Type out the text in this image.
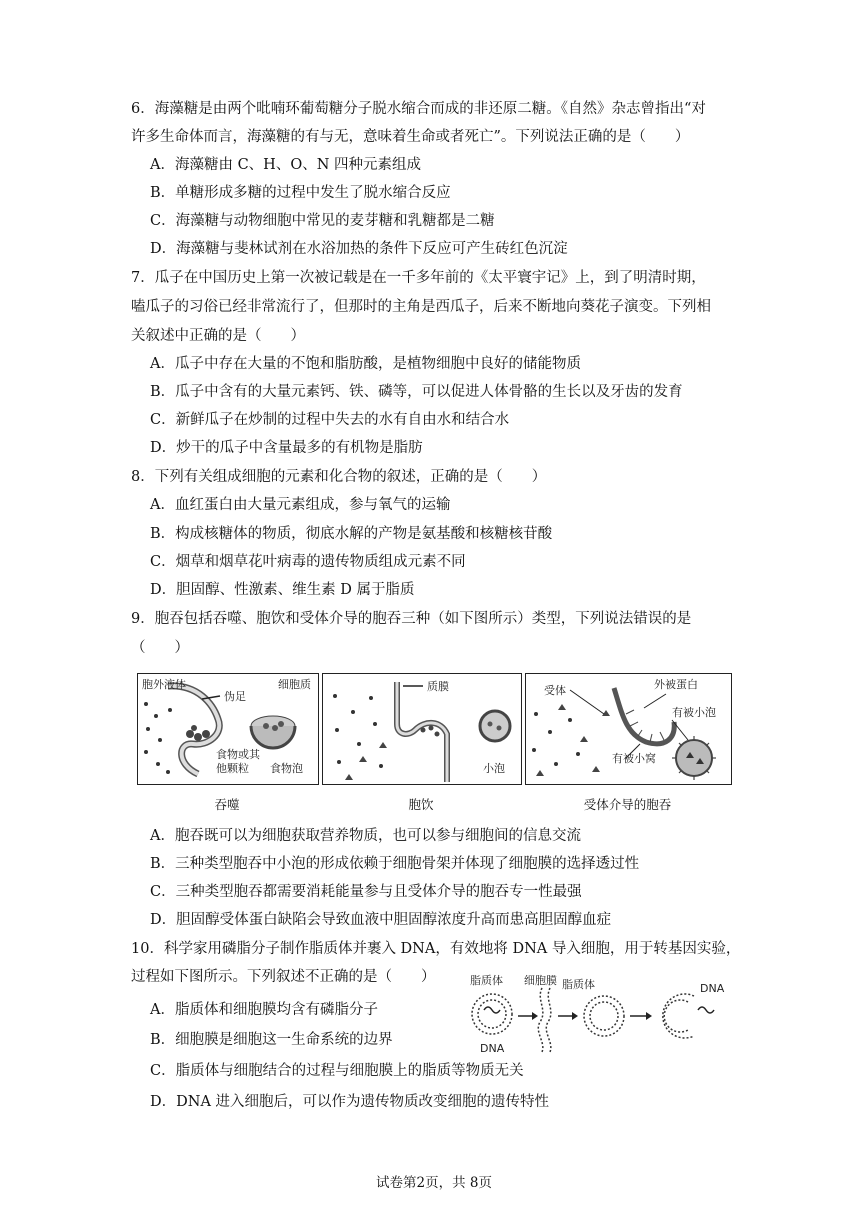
6．海藻糖是由两个吡喃环葡萄糖分子脱水缩合而成的非还原二糖。《自然》杂志曾指出“对
许多生命体而言，海藻糖的有与无，意味着生命或者死亡”。下列说法正确的是（　　）
A．海藻糖由 C、H、O、N 四种元素组成
B．单糖形成多糖的过程中发生了脱水缩合反应
C．海藻糖与动物细胞中常见的麦芽糖和乳糖都是二糖
D．海藻糖与斐林试剂在水浴加热的条件下反应可产生砖红色沉淀
7．瓜子在中国历史上第一次被记载是在一千多年前的《太平寰宇记》上，到了明清时期，
嗑瓜子的习俗已经非常流行了，但那时的主角是西瓜子，后来不断地向葵花子演变。下列相
关叙述中正确的是（　　）
A．瓜子中存在大量的不饱和脂肪酸，是植物细胞中良好的储能物质
B．瓜子中含有的大量元素钙、铁、磷等，可以促进人体骨骼的生长以及牙齿的发育
C．新鲜瓜子在炒制的过程中失去的水有自由水和结合水
D．炒干的瓜子中含量最多的有机物是脂肪
8．下列有关组成细胞的元素和化合物的叙述，正确的是（　　）
A．血红蛋白由大量元素组成，参与氧气的运输
B．构成核糖体的物质，彻底水解的产物是氨基酸和核糖核苷酸
C．烟草和烟草花叶病毒的遗传物质组成元素不同
D．胆固醇、性激素、维生素 D 属于脂质
9．胞吞包括吞噬、胞饮和受体介导的胞吞三种（如下图所示）类型，下列说法错误的是
（　　）
胞外液体	细胞质
伪足
食物或其
他颗粒 食物泡
质膜
小泡
受体	外被蛋白
有被小泡
有被小窝
吞噬	胞饮	受体介导的胞吞
A．胞吞既可以为细胞获取营养物质，也可以参与细胞间的信息交流
B．三种类型胞吞中小泡的形成依赖于细胞骨架并体现了细胞膜的选择透过性
C．三种类型胞吞都需要消耗能量参与且受体介导的胞吞专一性最强
D．胆固醇受体蛋白缺陷会导致血液中胆固醇浓度升高而患高胆固醇血症
10．科学家用磷脂分子制作脂质体并裹入 DNA，有效地将 DNA 导入细胞，用于转基因实验，
过程如下图所示。下列叙述不正确的是（　　）	脂质体 细胞膜 脂质体
DNA
DNA
A．脂质体和细胞膜均含有磷脂分子
B．细胞膜是细胞这一生命系统的边界
C．脂质体与细胞结合的过程与细胞膜上的脂质等物质无关
D．DNA 进入细胞后，可以作为遗传物质改变细胞的遗传特性
试卷第2页，共 8页
